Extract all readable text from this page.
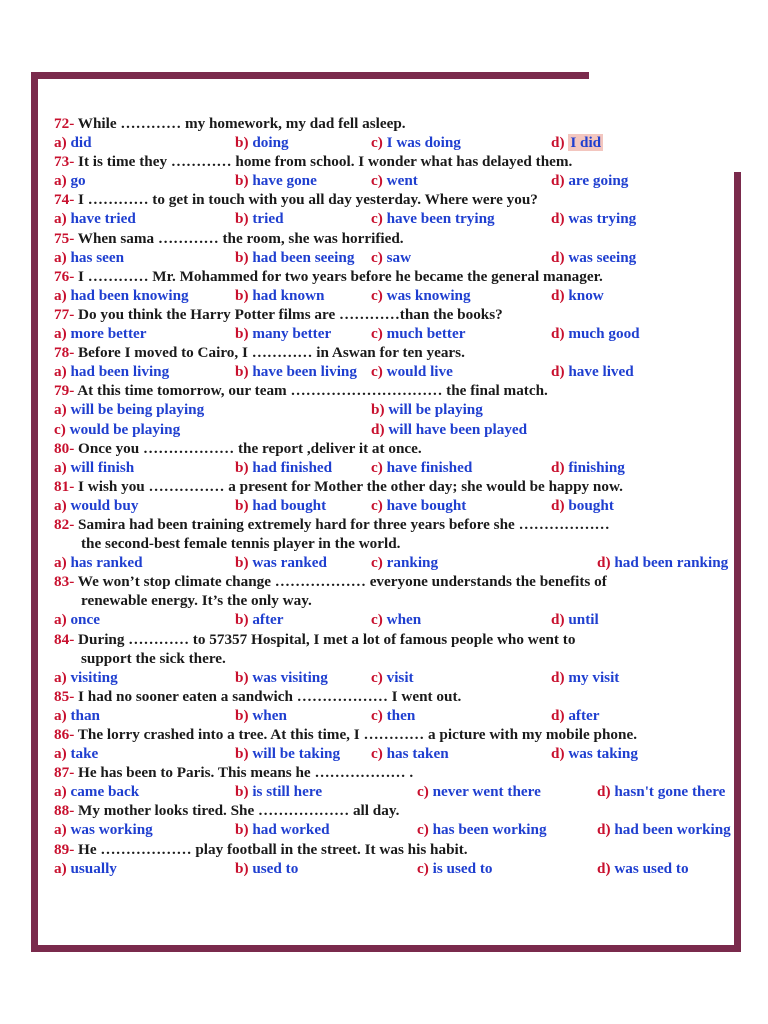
72- While ………… my homework, my dad fell asleep.
a) did	b) doing	c) I was doing	d) I did
73- It is time they ………… home from school. I wonder what has delayed them.
a) go	b) have gone	c) went	d) are going
74- I ………… to get in touch with you all day yesterday. Where were you?
a) have tried	b) tried	c) have been trying	d) was trying
75- When sama ………… the room, she was horrified.
a) has seen	b) had been seeing c) saw	d) was seeing
76- I ………… Mr. Mohammed for two years before he became the general manager.
a) had been knowing	b) had known	c) was knowing	d) know
77- Do you think the Harry Potter films are …………than the books?
a) more better	b) many better	c) much better	d) much good
78- Before I moved to Cairo, I ………… in Aswan for ten years.
a) had been living	b) have been living c) would live	d) have lived
79- At this time tomorrow, our team ………………………… the final match.
a) will be being playing	b) will be playing
c) would be playing	d) will have been played
80- Once you ……………… the report ,deliver it at once.
a) will finish	b) had finished	c) have finished	d) finishing
81- I wish you …………… a present for Mother the other day; she would be happy now.
a) would buy	b) had bought	c) have bought	d) bought
82- Samira had been training extremely hard for three years before she ………………
the second-best female tennis player in the world.
a) has ranked	b) was ranked	c) ranking	d) had been ranking
83- We won’t stop climate change ……………… everyone understands the benefits of
renewable energy. It’s the only way.
a) once	b) after	c) when	d) until
84- During ………… to 57357 Hospital, I met a lot of famous people who went to
support the sick there.
a) visiting	b) was visiting	c) visit	d) my visit
85- I had no sooner eaten a sandwich ……………… I went out.
a) than	b) when	c) then	d) after
86- The lorry crashed into a tree. At this time, I ………… a picture with my mobile phone.
a) take	b) will be taking c) has taken	d) was taking
87- He has been to Paris. This means he ……………… .
a) came back	b) is still here	c) never went there	d) hasn't gone there
88- My mother looks tired. She ……………… all day.
a) was working	b) had worked	c) has been working	d) had been working
89- He ……………… play football in the street. It was his habit.
a) usually	b) used to	c) is used to	d) was used to
